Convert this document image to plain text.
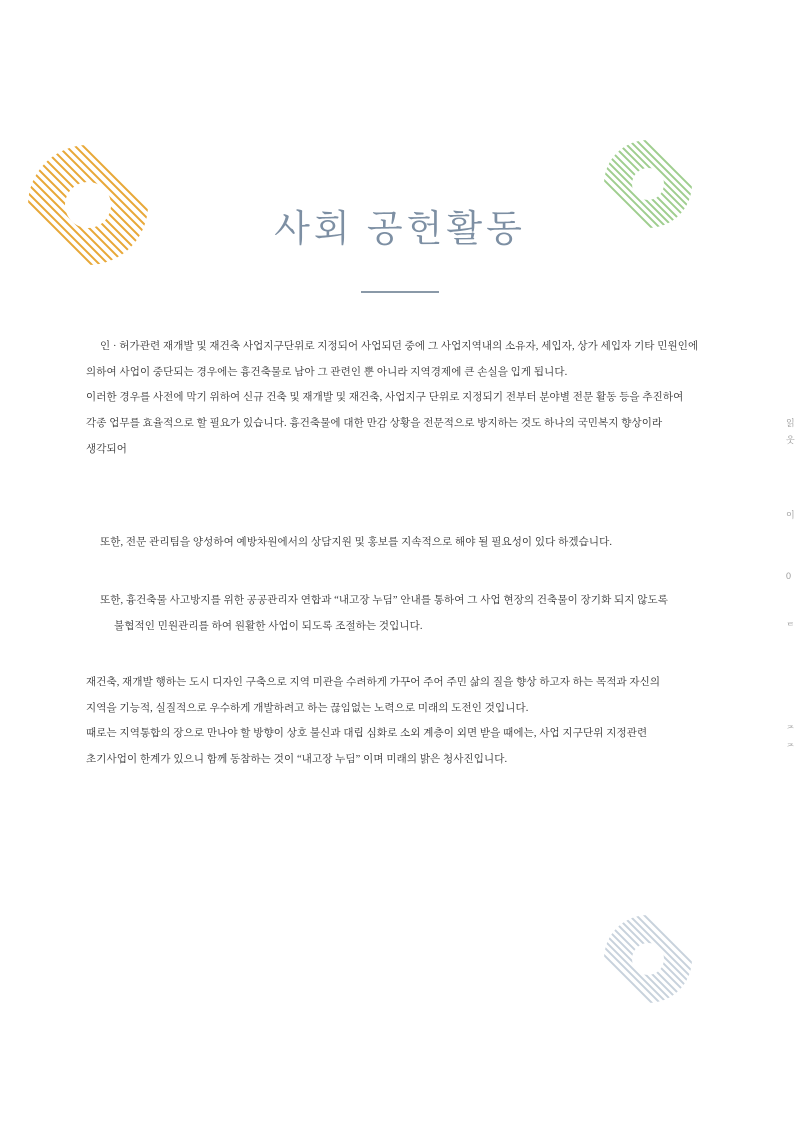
사회 공헌활동

인 · 허가관련 재개발 및 재건축 사업지구단위로 지정되어 사업되던 중에 그 사업지역내의 소유자, 세입자, 상가 세입자 기타 민원인에

의하여 사업이 중단되는 경우에는 흉건축물로 남아 그 관련인 뿐 아니라 지역경제에 큰 손실을 입게 됩니다.

이러한 경우를 사전에 막기 위하여 신규 건축 및 재개발 및 재건축, 사업지구 단위로 지정되기 전부터 분야별 전문 활동 등을 추진하여

각종 업무를 효율적으로 할 필요가 있습니다. 흉건축물에 대한 만감 상황을 전문적으로 방지하는 것도 하나의 국민복지 향상이라

생각되어

또한, 전문 관리팀을 양성하여 예방차원에서의 상담지원 및 홍보를 지속적으로 해야 될 필요성이 있다 하겠습니다.

또한, 흉건축물 사고방지를 위한 공공관리자 연합과 “내고장 누딤” 안내를 통하여 그 사업 현장의 건축물이 장기화 되지 않도록

불협적인 민원관리를 하여 원활한 사업이 되도록 조절하는 것입니다.

재건축, 재개발 행하는 도시 디자인 구축으로 지역 미관을 수려하게 가꾸어 주어 주민 삶의 질을 향상 하고자 하는 목적과 자신의

지역을 기능적, 실질적으로 우수하게 개발하려고 하는 끊임없는 노력으로 미래의 도전인 것입니다.

때로는 지역통합의 장으로 만나야 할 방향이 상호 불신과 대립 심화로 소외 계층이 외면 받을 때에는, 사업 지구단위 지정관련

초기사업이 한계가 있으니 함께 동참하는 것이 “내고장 누딤” 이며 미래의 밝은 청사진입니다.

읽
웃
이
0
ᄐ
ᄌ
ᄌ
